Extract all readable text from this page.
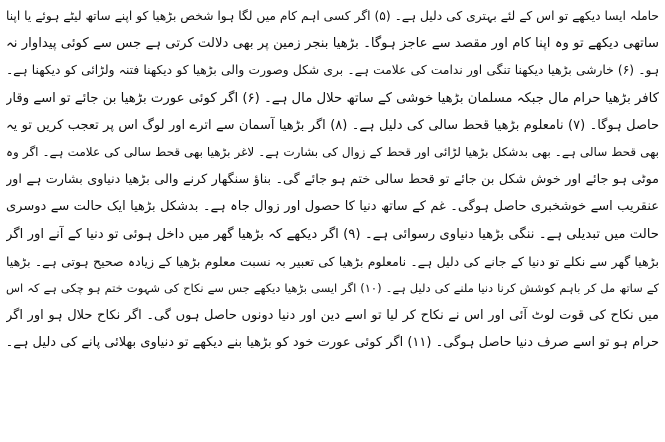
حاملہ ایسا دیکھے تو اس کے لئے بہتری کی دلیل ہے۔ (۵) اگر کسی اہم کام میں لگا ہوا شخص بڑھیا کو اپنے ساتھ لیٹے ہوئے یا اپنا
ساتھی دیکھے تو وہ اپنا کام اور مقصد سے عاجز ہوگا۔ بڑھیا بنجر زمین پر بھی دلالت کرتی ہے جس سے کوئی پیداوار نہ
ہو۔ (۶) خارشی بڑھیا دیکھنا تنگی اور ندامت کی علامت ہے۔ بری شکل وصورت والی بڑھیا کو دیکھنا فتنہ ولڑائی کو دیکھنا ہے۔
کافر بڑھیا حرام مال جبکہ مسلمان بڑھیا خوشی کے ساتھ حلال مال ہے۔ (۶) اگر کوئی عورت بڑھیا بن جائے تو اسے وقار
حاصل ہوگا۔ (۷) نامعلوم بڑھیا قحط سالی کی دلیل ہے۔ (۸) اگر بڑھیا آسمان سے اترے اور لوگ اس پر تعجب کریں تو یہ
بھی قحط سالی ہے۔ بھی بدشکل بڑھیا لڑائی اور قحط کے زوال کی بشارت ہے۔ لاغر بڑھیا بھی قحط سالی کی علامت ہے۔ اگر وہ
موٹی ہو جائے اور خوش شکل بن جائے تو قحط سالی ختم ہو جائے گی۔ بناؤ سنگھار کرنے والی بڑھیا دنیاوی بشارت ہے اور
عنقریب اسے خوشخبری حاصل ہوگی۔ غم کے ساتھ دنیا کا حصول اور زوال جاہ ہے۔ بدشکل بڑھیا ایک حالت سے دوسری
حالت میں تبدیلی ہے۔ ننگی بڑھیا دنیاوی رسوائی ہے۔ (۹) اگر دیکھے کہ بڑھیا گھر میں داخل ہوئی تو دنیا کے آنے اور اگر
بڑھیا گھر سے نکلے تو دنیا کے جانے کی دلیل ہے۔ نامعلوم بڑھیا کی تعبیر بہ نسبت معلوم بڑھیا کے زیادہ صحیح ہوتی ہے۔ بڑھیا
کے ساتھ مل کر باہم کوشش کرنا دنیا ملنے کی دلیل ہے۔ (۱۰) اگر ایسی بڑھیا دیکھے جس سے نکاح کی شہوت ختم ہو چکی ہے کہ اس
میں نکاح کی قوت لوٹ آئی اور اس نے نکاح کر لیا تو اسے دین اور دنیا دونوں حاصل ہوں گی۔ اگر نکاح حلال ہو اور اگر
حرام ہو تو اسے صرف دنیا حاصل ہوگی۔ (۱۱) اگر کوئی عورت خود کو بڑھیا بنے دیکھے تو دنیاوی بھلائی پانے کی دلیل ہے۔
